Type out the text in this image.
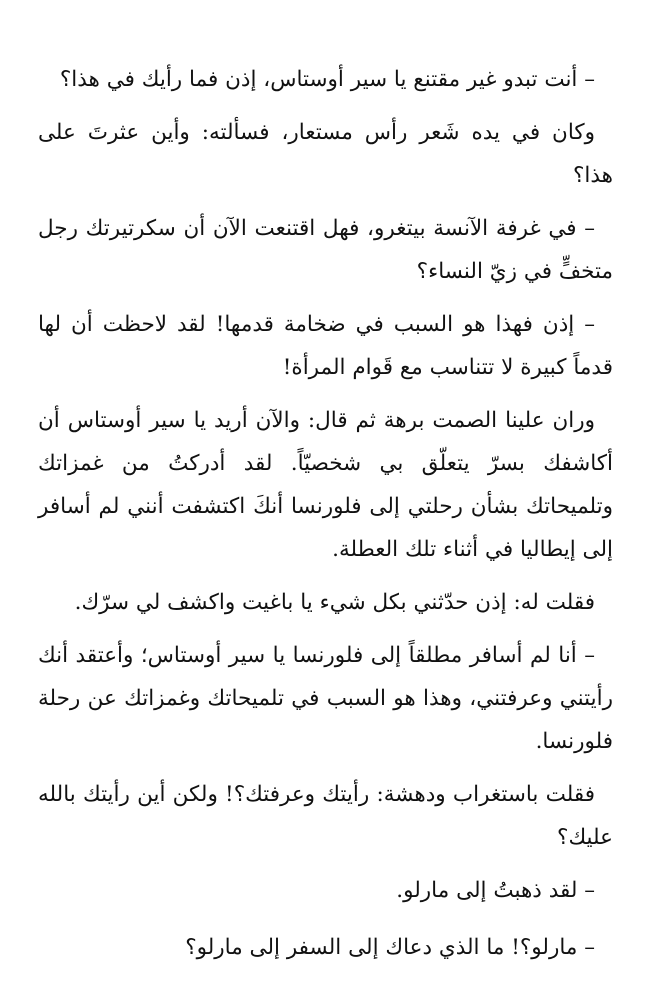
– أنت تبدو غير مقتنع يا سير أوستاس، إذن فما رأيك في هذا؟

وكان في يده شَعر رأس مستعار، فسألته: وأين عثرتَ على هذا؟

– في غرفة الآنسة بيتغرو، فهل اقتنعت الآن أن سكرتيرتك رجل متخفٍّ في زيّ النساء؟

– إذن فهذا هو السبب في ضخامة قدمها! لقد لاحظت أن لها قدماً كبيرة لا تتناسب مع قَوام المرأة!

وران علينا الصمت برهة ثم قال: والآن أريد يا سير أوستاس أن أكاشفك بسرّ يتعلّق بي شخصيّاً. لقد أدركتُ من غمزاتك وتلميحاتك بشأن رحلتي إلى فلورنسا أنكَ اكتشفت أنني لم أسافر إلى إيطاليا في أثناء تلك العطلة.

فقلت له: إذن حدّثني بكل شيء يا باغيت واكشف لي سرّك.

– أنا لم أسافر مطلقاً إلى فلورنسا يا سير أوستاس؛ وأعتقد أنك رأيتني وعرفتني، وهذا هو السبب في تلميحاتك وغمزاتك عن رحلة فلورنسا.

فقلت باستغراب ودهشة: رأيتك وعرفتك؟! ولكن أين رأيتك بالله عليك؟

– لقد ذهبتُ إلى مارلو.

– مارلو؟! ما الذي دعاك إلى السفر إلى مارلو؟
